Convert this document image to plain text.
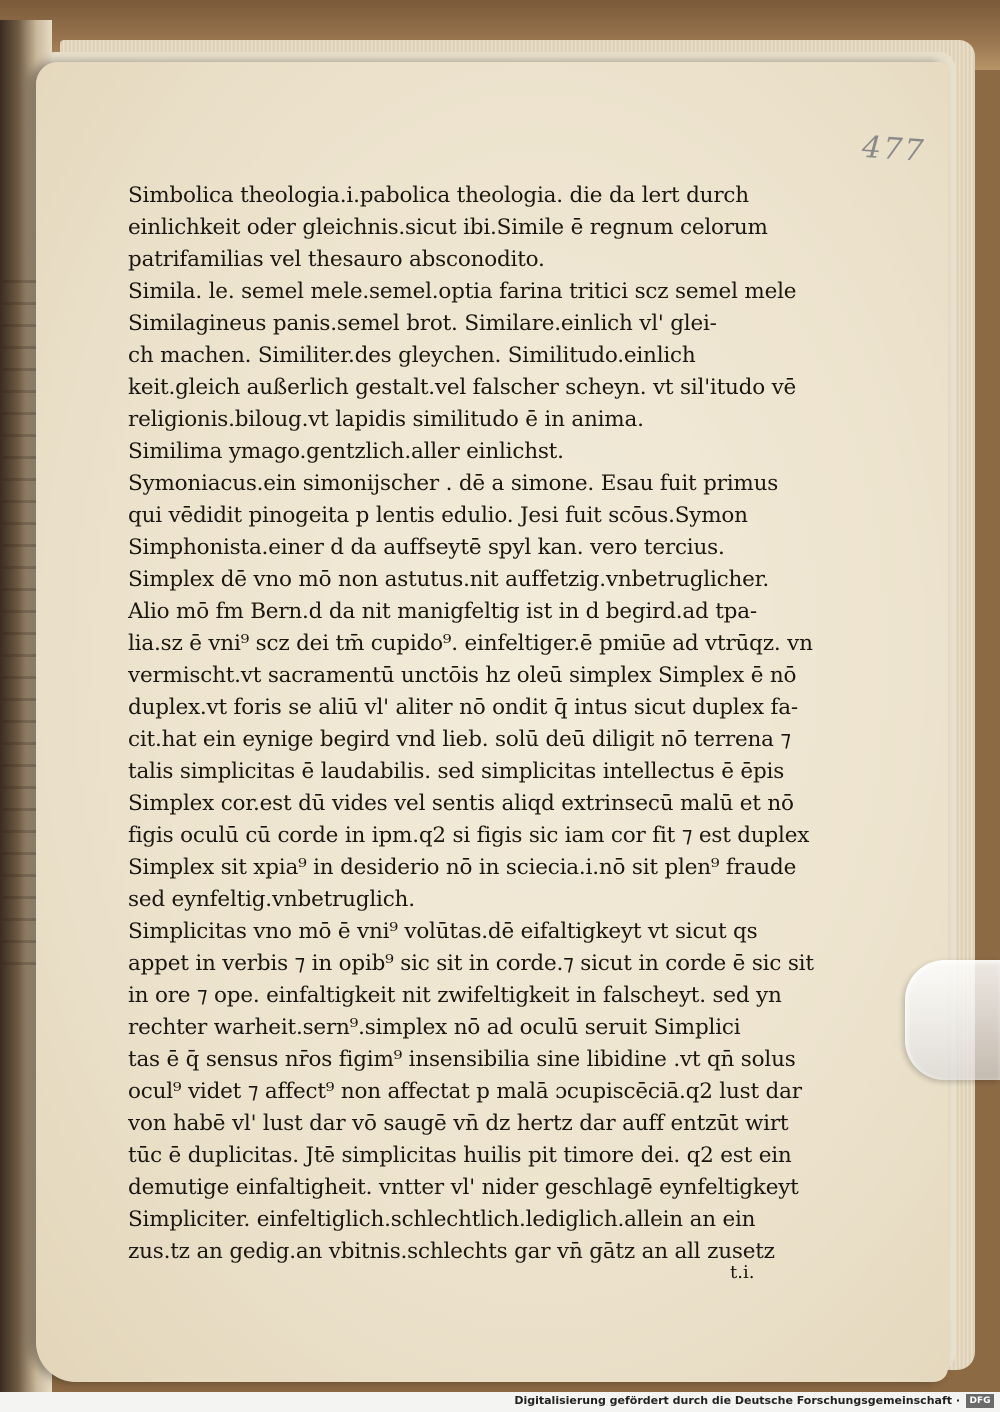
477
Simbolica theologia.i.pabolica theologia. die da lert durch
einlichkeit oder gleichnis.sicut ibi.Simile ē regnum celorum
patrifamilias vel thesauro absconodito.
Simila. le. semel mele.semel.optia farina tritici scz semel mele
Similagineus panis.semel brot. Similare.einlich vl' glei-
ch machen. Similiter.des gleychen. Similitudo.einlich
keit.gleich außerlich gestalt.vel falscher scheyn. vt sil'itudo vē
religionis.biloug.vt lapidis similitudo ē in anima.
Similima ymago.gentzlich.aller einlichst.
Symoniacus.ein simonijscher . dē a simone. Esau fuit primus
qui vēdidit pinogeita p lentis edulio. Jesi fuit scōus.Symon
Simphonista.einer d da auffseytē spyl kan. vero tercius.
Simplex dē vno mō non astutus.nit auffetzig.vnbetruglicher.
Alio mō fm Bern.d da nit manigfeltig ist in d begird.ad tpa-
lia.sz ē vni⁹ scz dei tm̄ cupido⁹. einfeltiger.ē pmiūe ad vtrūqz. vn
vermischt.vt sacramentū unctōis hz oleū simplex Simplex ē nō
duplex.vt foris se aliū vl' aliter nō ondit q̄ intus sicut duplex fa-
cit.hat ein eynige begird vnd lieb. solū deū diligit nō terrena ⁊
talis simplicitas ē laudabilis. sed simplicitas intellectus ē ēpis
Simplex cor.est dū vides vel sentis aliqd extrinsecū malū et nō
figis oculū cū corde in ipm.q2 si figis sic iam cor fit ⁊ est duplex
Simplex sit xpia⁹ in desiderio nō in sciecia.i.nō sit plen⁹ fraude
sed eynfeltig.vnbetruglich.
Simplicitas vno mō ē vni⁹ volūtas.dē eifaltigkeyt vt sicut qs
appet in verbis ⁊ in opib⁹ sic sit in corde.⁊ sicut in corde ē sic sit
in ore ⁊ ope. einfaltigkeit nit zwifeltigkeit in falscheyt. sed yn
rechter warheit.sern⁹.simplex nō ad oculū seruit Simplici
tas ē q̄ sensus nr̄os figim⁹ insensibilia sine libidine .vt qn̄ solus
ocul⁹ videt ⁊ affect⁹ non affectat p malā ɔcupiscēciā.q2 lust dar
von habē vl' lust dar vō saugē vn̄ dz hertz dar auff entzūt wirt
tūc ē duplicitas. Jtē simplicitas huilis pit timore dei. q2 est ein
demutige einfaltigheit. vntter vl' nider geschlagē eynfeltigkeyt
Simpliciter. einfeltiglich.schlechtlich.lediglich.allein an ein
zus.tz an gedig.an vbitnis.schlechts gar vn̄ gātz an all zusetz
t.i.
Digitalisierung gefördert durch die Deutsche Forschungsgemeinschaft ·	DFG
